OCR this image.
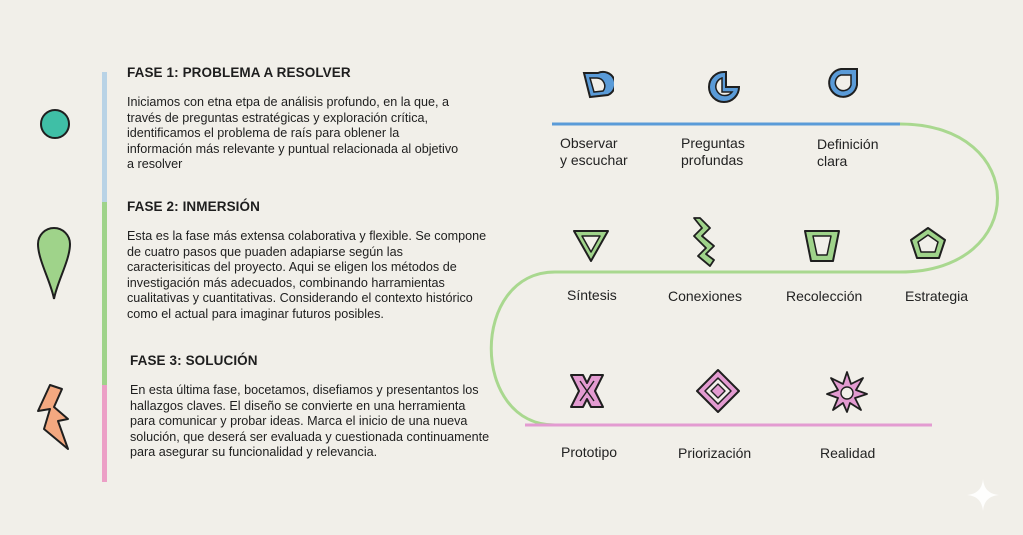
FASE 1: PROBLEMA A RESOLVER
Iniciamos con etna etpa de análisis profundo, en la que, a través de preguntas estratégicas y exploración crítica, identificamos el problema de raís para oblener la información más relevante y puntual relacionada al objetivo a resolver
FASE 2: INMERSIÓN
Esta es la fase más extensa colaborativa y flexible. Se compone de cuatro pasos que puaden adapiarse según las caracterisiticas del proyecto. Aqui se eligen los métodos de investigación más adecuados, combinando harramientas cualitativas y cuantitativas. Considerando el contexto histórico como el actual para imaginar futuros posibles.
FASE 3: SOLUCIÓN
En esta última fase, bocetamos, disefiamos y presentantos los hallazgos claves. El diseño se convierte en una herramienta para comunicar y probar ideas. Marca el inicio de una nueva solución, que deserá ser evaluada y cuestionada continuamente para asegurar su funcionalidad y relevancia.
Observar
y escuchar
Preguntas
profundas
Definición
clara
Síntesis	Conexiones	Recolección	Estrategia
Prototipo	Priorización	Realidad
